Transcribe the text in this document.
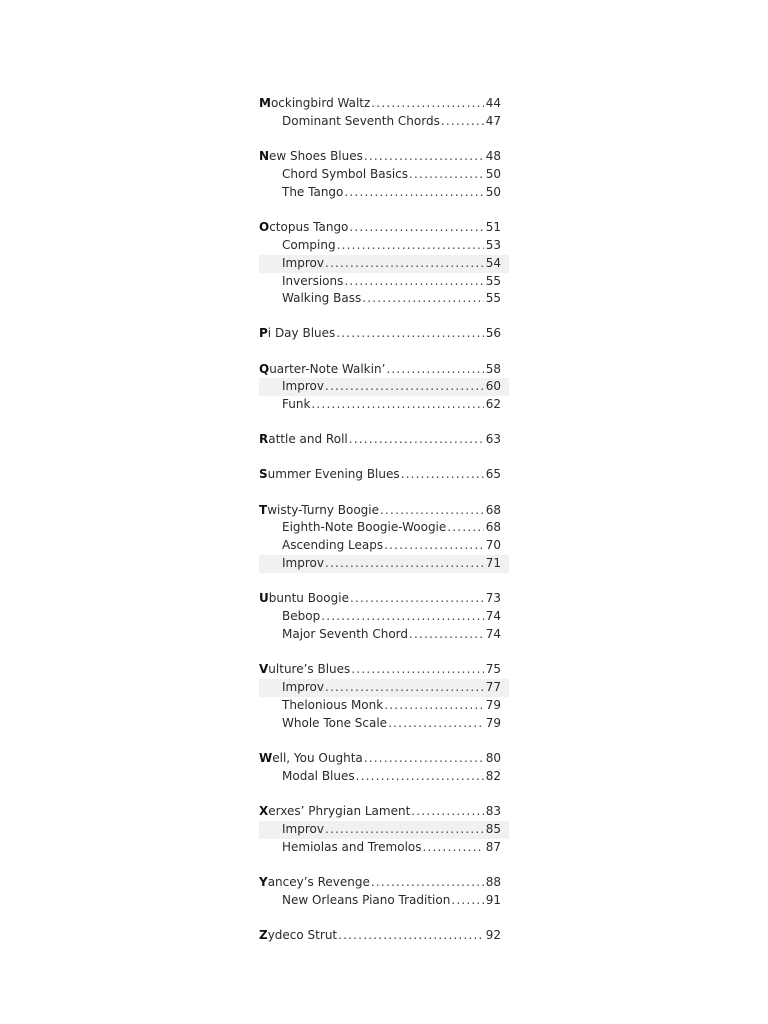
Mockingbird Waltz .....	44
Dominant Seventh Chords .....	47
New Shoes Blues .....	48
Chord Symbol Basics .....	50
The Tango .....	50
Octopus Tango .....	51
Comping .....	53
Improv .....	54
Inversions .....	55
Walking Bass .....	55
Pi Day Blues .....	56
Quarter-Note Walkin’ .....	58
Improv .....	60
Funk .....	62
Rattle and Roll .....	63
Summer Evening Blues .....	65
Twisty-Turny Boogie .....	68
Eighth-Note Boogie-Woogie .....	68
Ascending Leaps .....	70
Improv .....	71
Ubuntu Boogie .....	73
Bebop .....	74
Major Seventh Chord .....	74
Vulture’s Blues .....	75
Improv .....	77
Thelonious Monk .....	79
Whole Tone Scale .....	79
Well, You Oughta .....	80
Modal Blues .....	82
Xerxes’ Phrygian Lament .....	83
Improv .....	85
Hemiolas and Tremolos .....	87
Yancey’s Revenge .....	88
New Orleans Piano Tradition .....	91
Zydeco Strut .....	92
